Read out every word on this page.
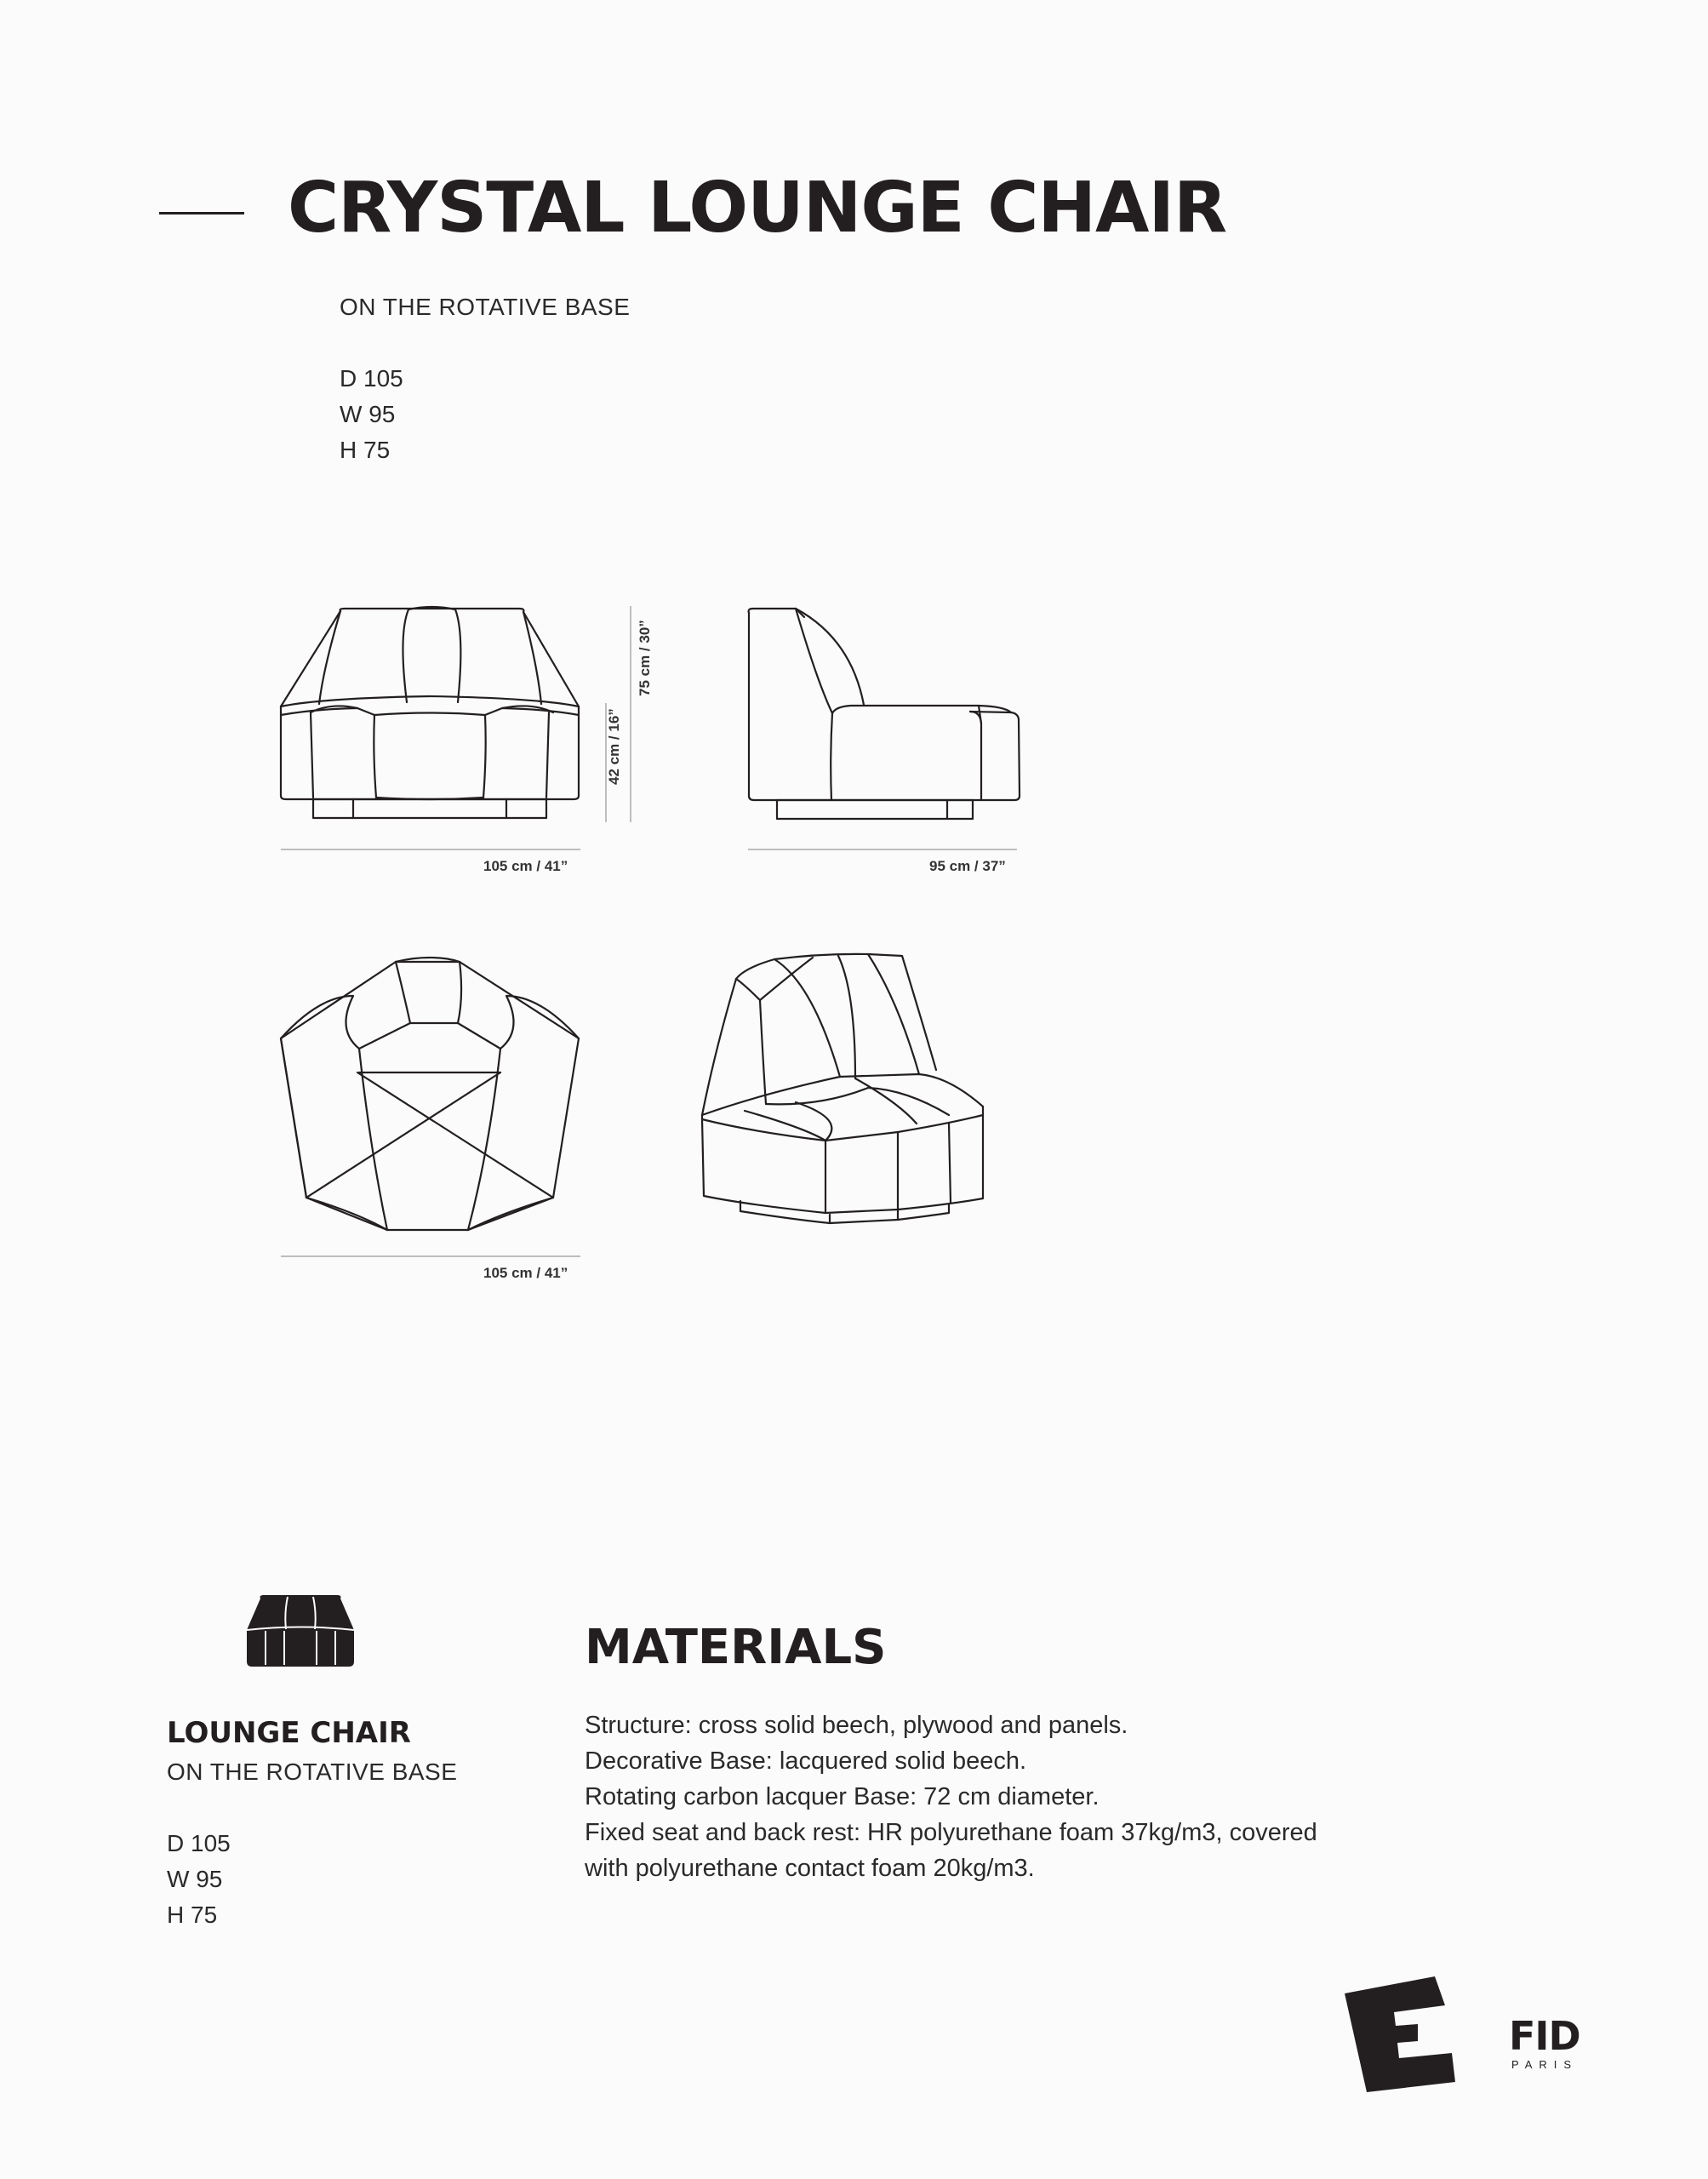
CRYSTAL LOUNGE CHAIR
ON THE ROTATIVE BASE
D 105
W 95
H 75
105 cm / 41”
42 cm / 16”
75 cm / 30”
95 cm / 37”
105 cm / 41”
LOUNGE CHAIR
ON THE ROTATIVE BASE
D 105
W 95
H 75
MATERIALS
Structure: cross solid beech, plywood and panels.
Decorative Base: lacquered solid beech.
Rotating carbon lacquer Base: 72 cm diameter.
Fixed seat and back rest: HR polyurethane foam 37kg/m3, covered
with polyurethane contact foam 20kg/m3.
FID
PARIS
